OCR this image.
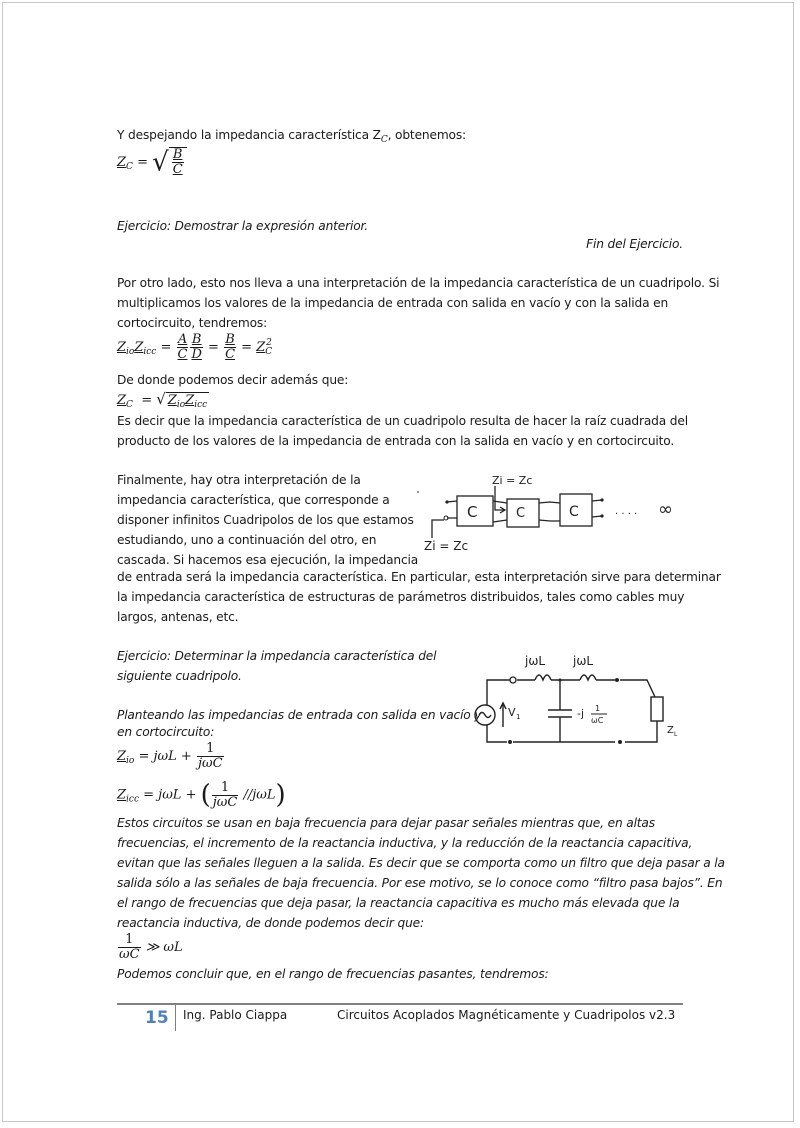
Y despejando la impedancia característica $Z_C$, obtenemos:
$Z_C$ = √ $\frac{B}{C}$
Ejercicio: Demostrar la expresión anterior.
Fin del Ejercicio.
Por otro lado, esto nos lleva a una interpretación de la impedancia característica de un cuadripolo. Si
multiplicamos los valores de la impedancia de entrada con salida en vacío y con la salida en
cortocircuito, tendremos:
$Z_{io}Z_{icc} = \frac{A}{C} \frac{B}{D} = \frac{B}{C} = Z_C^2$
De donde podemos decir además que:
$Z_C$  = √ $Z_{io}Z_{icc}$
Es decir que la impedancia característica de un cuadripolo resulta de hacer la raíz cuadrada del
producto de los valores de la impedancia de entrada con la salida en vacío y en cortocircuito.
Finalmente, hay otra interpretación de la
impedancia característica, que corresponde a
disponer infinitos Cuadripolos de los que estamos
estudiando, uno a continuación del otro, en
cascada. Si hacemos esa ejecución, la impedancia
de entrada será la impedancia característica. En particular, esta interpretación sirve para determinar
la impedancia característica de estructuras de parámetros distribuidos, tales como cables muy
largos, antenas, etc.
C	C	C
Zi = Zc
Zi = Zc
. . . . ∞
Ejercicio: Determinar la impedancia característica del
siguiente cuadripolo.
Planteando las impedancias de entrada con salida en vacío y
en cortocircuito:
jωL jωL
-j 1
ωC
V 1
Z L
$Z_{io} = j\omega L + \frac{1}{\text{jωC}}$
$Z_{icc} = j\omega L$ + ( $\frac{1}{\text{jωC}} //j\omega L$)
Estos circuitos se usan en baja frecuencia para dejar pasar señales mientras que, en altas
frecuencias, el incremento de la reactancia inductiva, y la reducción de la reactancia capacitiva,
evitan que las señales lleguen a la salida. Es decir que se comporta como un filtro que deja pasar a la
salida sólo a las señales de baja frecuencia. Por ese motivo, se lo conoce como “filtro pasa bajos”. En
el rango de frecuencias que deja pasar, la reactancia capacitiva es mucho más elevada que la
reactancia inductiva, de donde podemos decir que:
$\frac{1}{\omega C}$ ≫ ωL
Podemos concluir que, en el rango de frecuencias pasantes, tendremos:
15 Ing. Pablo Ciappa	Circuitos Acoplados Magnéticamente y Cuadripolos v2.3
